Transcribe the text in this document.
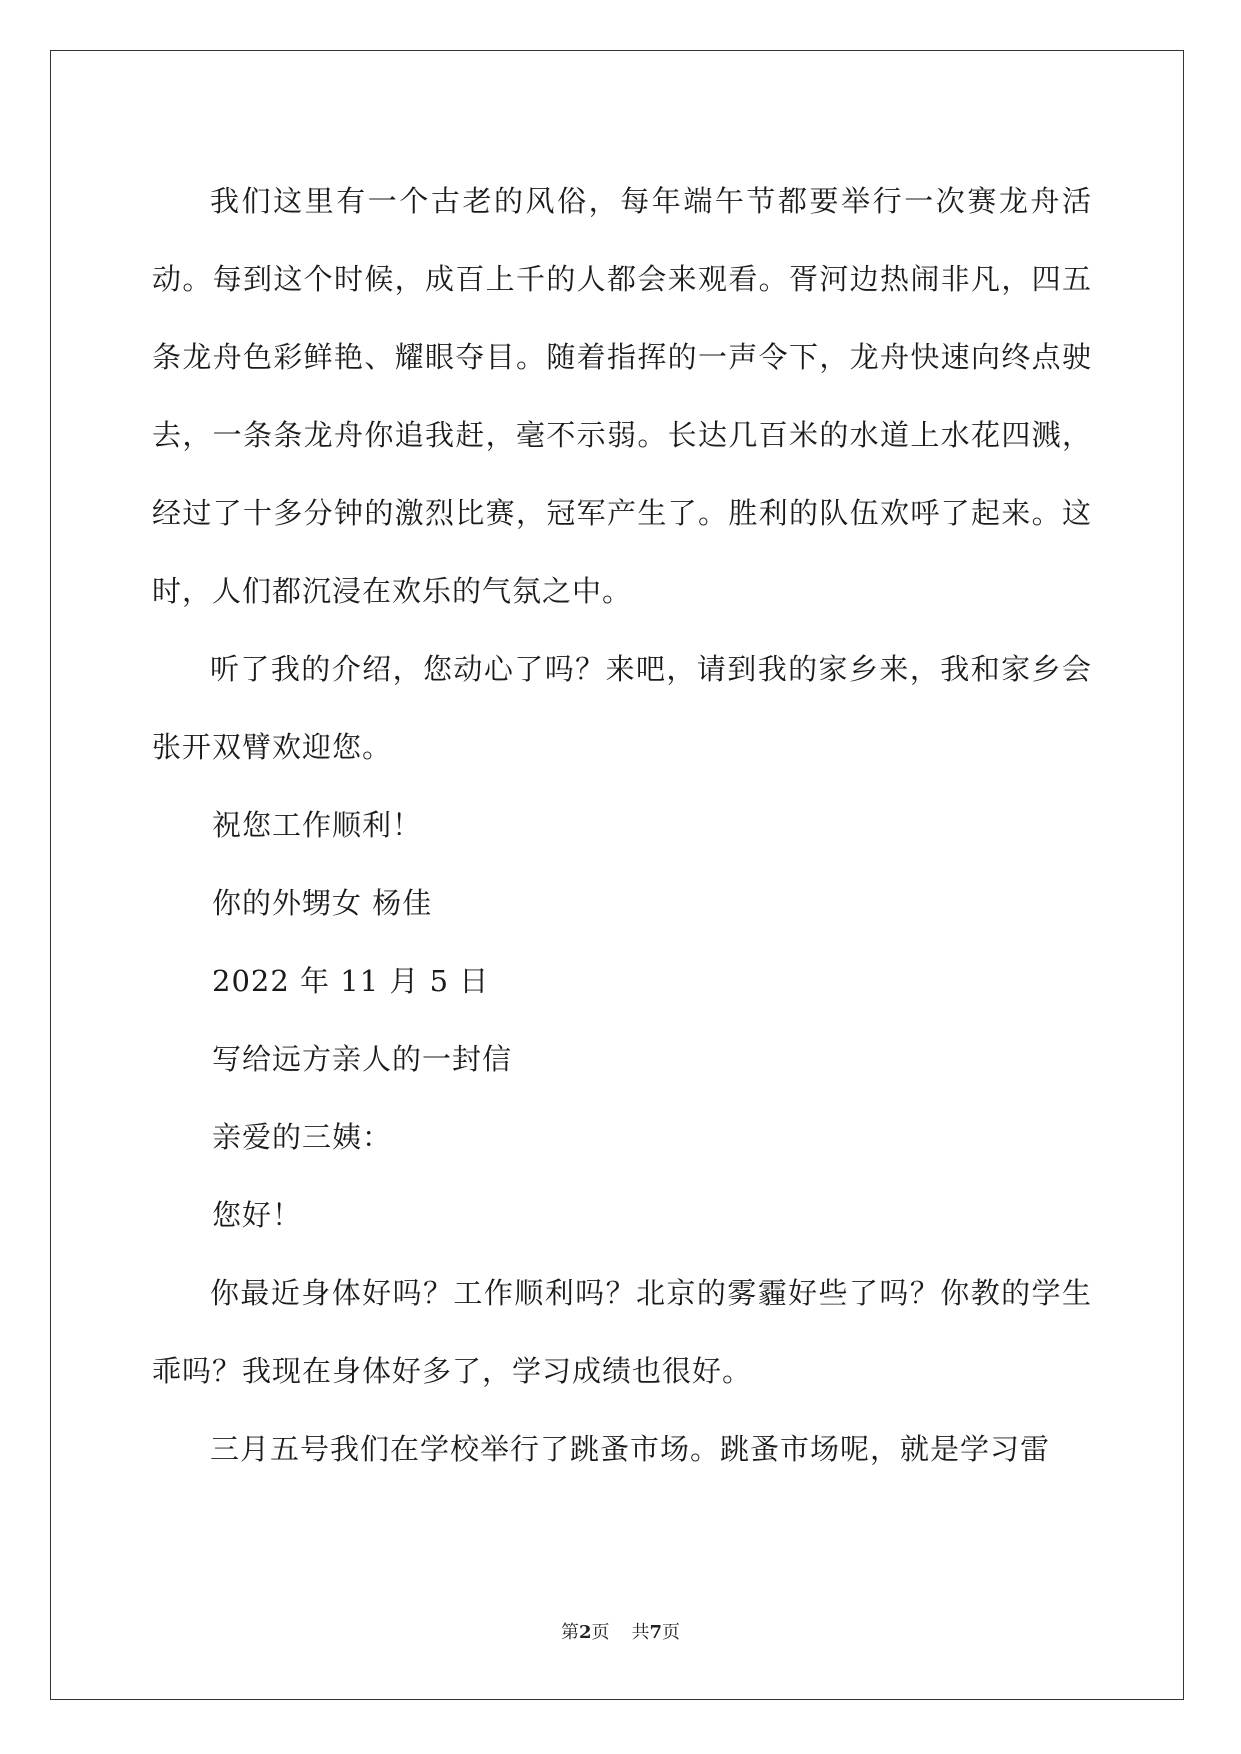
我们这里有一个古老的风俗，每年端午节都要举行一次赛龙舟活动。每到这个时候，成百上千的人都会来观看。胥河边热闹非凡，四五条龙舟色彩鲜艳、耀眼夺目。随着指挥的一声令下，龙舟快速向终点驶去，一条条龙舟你追我赶，毫不示弱。长达几百米的水道上水花四溅，经过了十多分钟的激烈比赛，冠军产生了。胜利的队伍欢呼了起来。这时，人们都沉浸在欢乐的气氛之中。

听了我的介绍，您动心了吗？来吧，请到我的家乡来，我和家乡会张开双臂欢迎您。

祝您工作顺利！

你的外甥女 杨佳

2022 年 11 月 5 日

写给远方亲人的一封信

亲爱的三姨：

您好！

你最近身体好吗？工作顺利吗？北京的雾霾好些了吗？你教的学生乖吗？我现在身体好多了，学习成绩也很好。

三月五号我们在学校举行了跳蚤市场。跳蚤市场呢，就是学习雷

第2页 共7页
